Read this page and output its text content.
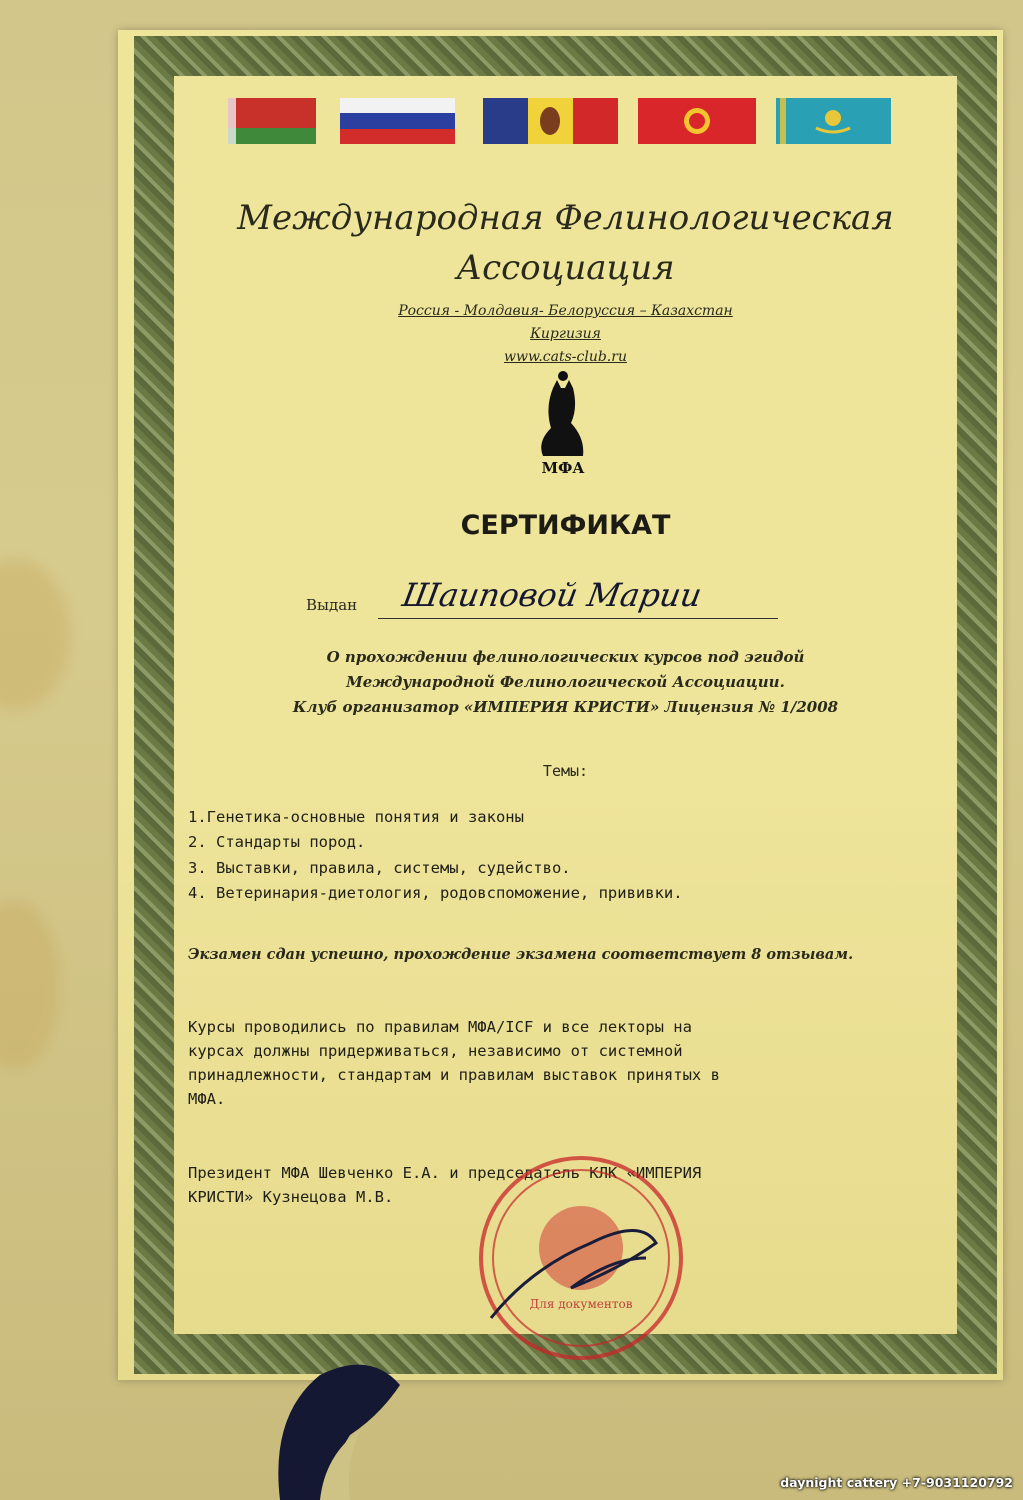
Международная Фелинологическая
Ассоциация
Россия - Молдавия- Белоруссия – Казахстан
Киргизия
www.cats-club.ru
МФА
СЕРТИФИКАТ
Выдан Шаиповой Марии
О прохождении фелинологических курсов под эгидой
Международной Фелинологической Ассоциации.
Клуб организатор «ИМПЕРИЯ КРИСТИ» Лицензия № 1/2008
Темы:
1.Генетика-основные понятия и законы
2. Стандарты пород.
3. Выставки, правила, системы, судейство.
4. Ветеринария-диетология, родовспоможение, прививки.
Экзамен сдан успешно, прохождение экзамена соответствует 8 отзывам.
Курсы проводились по правилам МФА/ICF и все лекторы на
курсах должны придерживаться, независимо от системной
принадлежности, стандартам и правилам выставок принятых в
МФА.
Президент МФА Шевченко Е.А. и председатель КЛК «ИМПЕРИЯ
КРИСТИ» Кузнецова М.В.
Для документов
daynight cattery +7-9031120792
